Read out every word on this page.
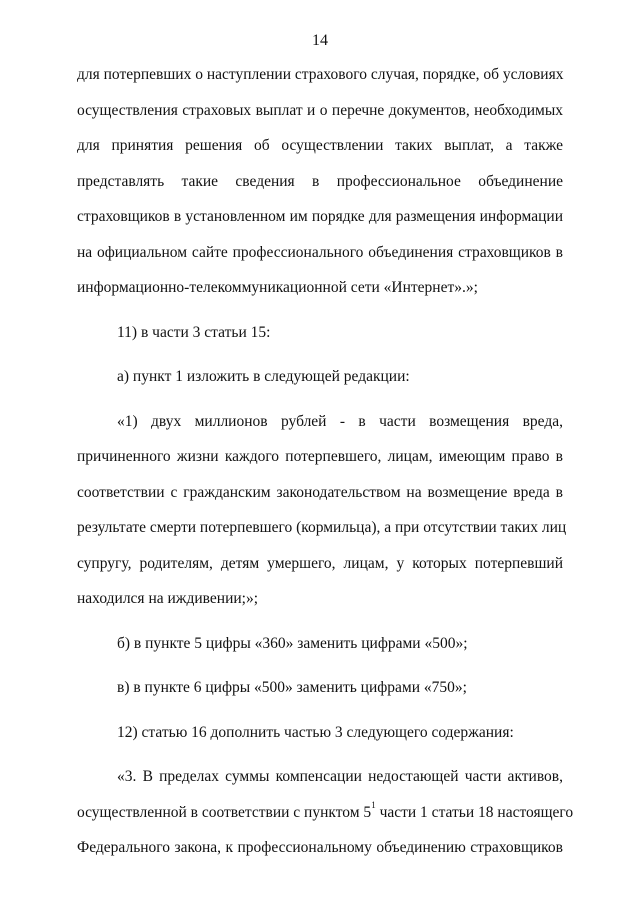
14
для потерпевших о наступлении страхового случая, порядке, об условиях
осуществления страховых выплат и о перечне документов, необходимых
для принятия решения об осуществлении таких выплат, а также
представлять такие сведения в профессиональное объединение
страховщиков в установленном им порядке для размещения информации
на официальном сайте профессионального объединения страховщиков в
информационно-телекоммуникационной сети «Интернет».»;
11) в части 3 статьи 15:
а) пункт 1 изложить в следующей редакции:
«1) двух миллионов рублей - в части возмещения вреда,
причиненного жизни каждого потерпевшего, лицам, имеющим право в
соответствии с гражданским законодательством на возмещение вреда в
результате смерти потерпевшего (кормильца), а при отсутствии таких лиц
супругу, родителям, детям умершего, лицам, у которых потерпевший
находился на иждивении;»;
б) в пункте 5 цифры «360» заменить цифрами «500»;
в) в пункте 6 цифры «500» заменить цифрами «750»;
12) статью 16 дополнить частью 3 следующего содержания:
«3. В пределах суммы компенсации недостающей части активов,
осуществленной в соответствии с пунктом $5^1$ части 1 статьи 18 настоящего
Федерального закона, к профессиональному объединению страховщиков
